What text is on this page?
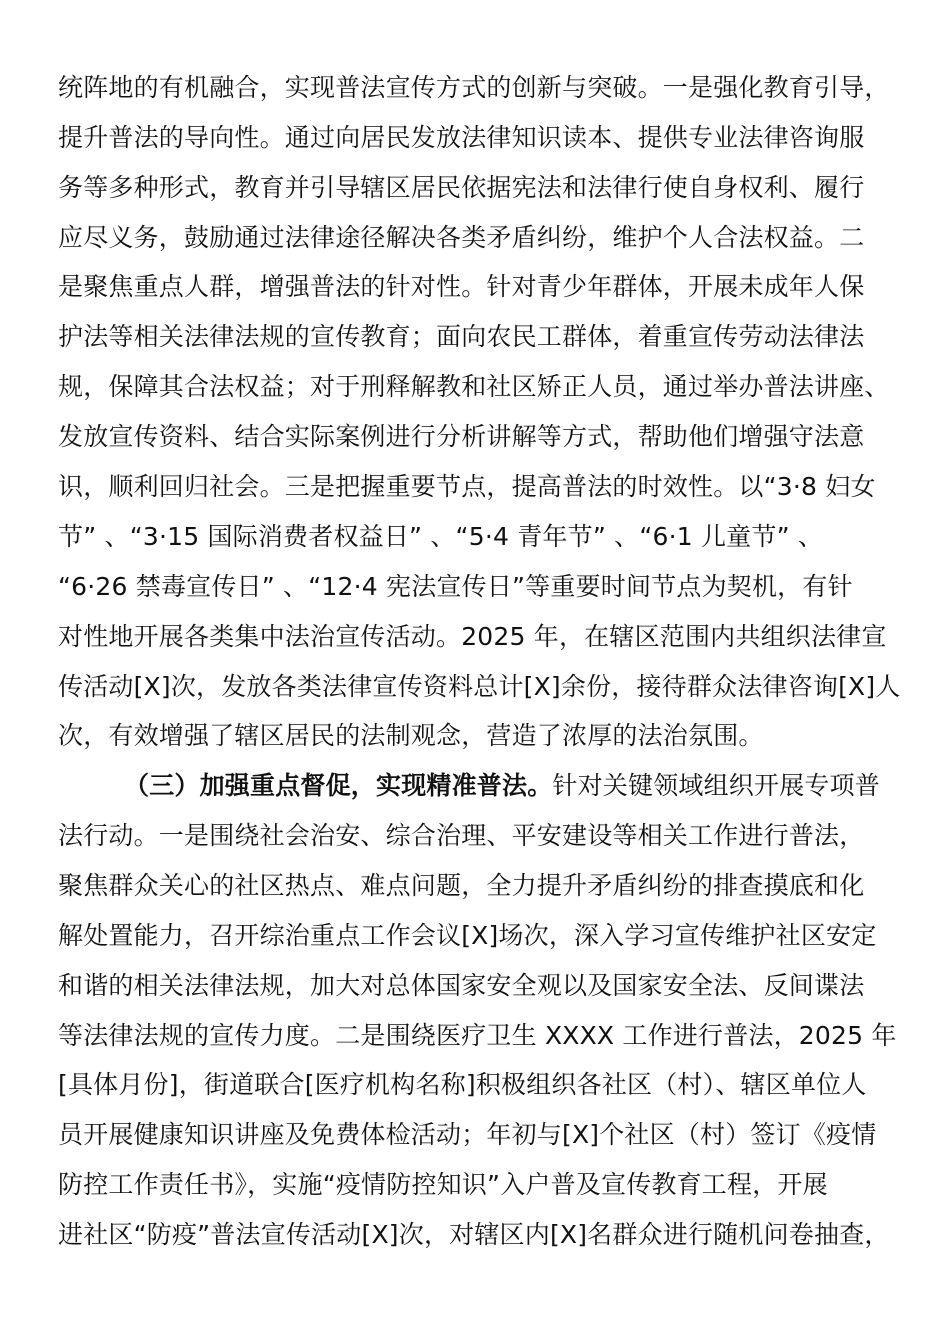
统阵地的有机融合，实现普法宣传方式的创新与突破。一是强化教育引导，
提升普法的导向性。通过向居民发放法律知识读本、提供专业法律咨询服
务等多种形式，教育并引导辖区居民依据宪法和法律行使自身权利、履行
应尽义务，鼓励通过法律途径解决各类矛盾纠纷，维护个人合法权益。二
是聚焦重点人群，增强普法的针对性。针对青少年群体，开展未成年人保
护法等相关法律法规的宣传教育；面向农民工群体，着重宣传劳动法律法
规，保障其合法权益；对于刑释解教和社区矫正人员，通过举办普法讲座、
发放宣传资料、结合实际案例进行分析讲解等方式，帮助他们增强守法意
识，顺利回归社会。三是把握重要节点，提高普法的时效性。以“3·8 妇女
节” 、“3·15 国际消费者权益日” 、“5·4 青年节” 、“6·1 儿童节” 、
“6·26 禁毒宣传日” 、“12·4 宪法宣传日”等重要时间节点为契机，有针
对性地开展各类集中法治宣传活动。2025 年，在辖区范围内共组织法律宣
传活动[X]次，发放各类法律宣传资料总计[X]余份，接待群众法律咨询[X]人
次，有效增强了辖区居民的法制观念，营造了浓厚的法治氛围。
（三）加强重点督促，实现精准普法。针对关键领域组织开展专项普
法行动。一是围绕社会治安、综合治理、平安建设等相关工作进行普法，
聚焦群众关心的社区热点、难点问题，全力提升矛盾纠纷的排查摸底和化
解处置能力，召开综治重点工作会议[X]场次，深入学习宣传维护社区安定
和谐的相关法律法规，加大对总体国家安全观以及国家安全法、反间谍法
等法律法规的宣传力度。二是围绕医疗卫生 XXXX 工作进行普法，2025 年
[具体月份]，街道联合[医疗机构名称]积极组织各社区（村）、辖区单位人
员开展健康知识讲座及免费体检活动；年初与[X]个社区（村）签订《疫情
防控工作责任书》，实施“疫情防控知识”入户普及宣传教育工程，开展
进社区“防疫”普法宣传活动[X]次，对辖区内[X]名群众进行随机问卷抽查，
